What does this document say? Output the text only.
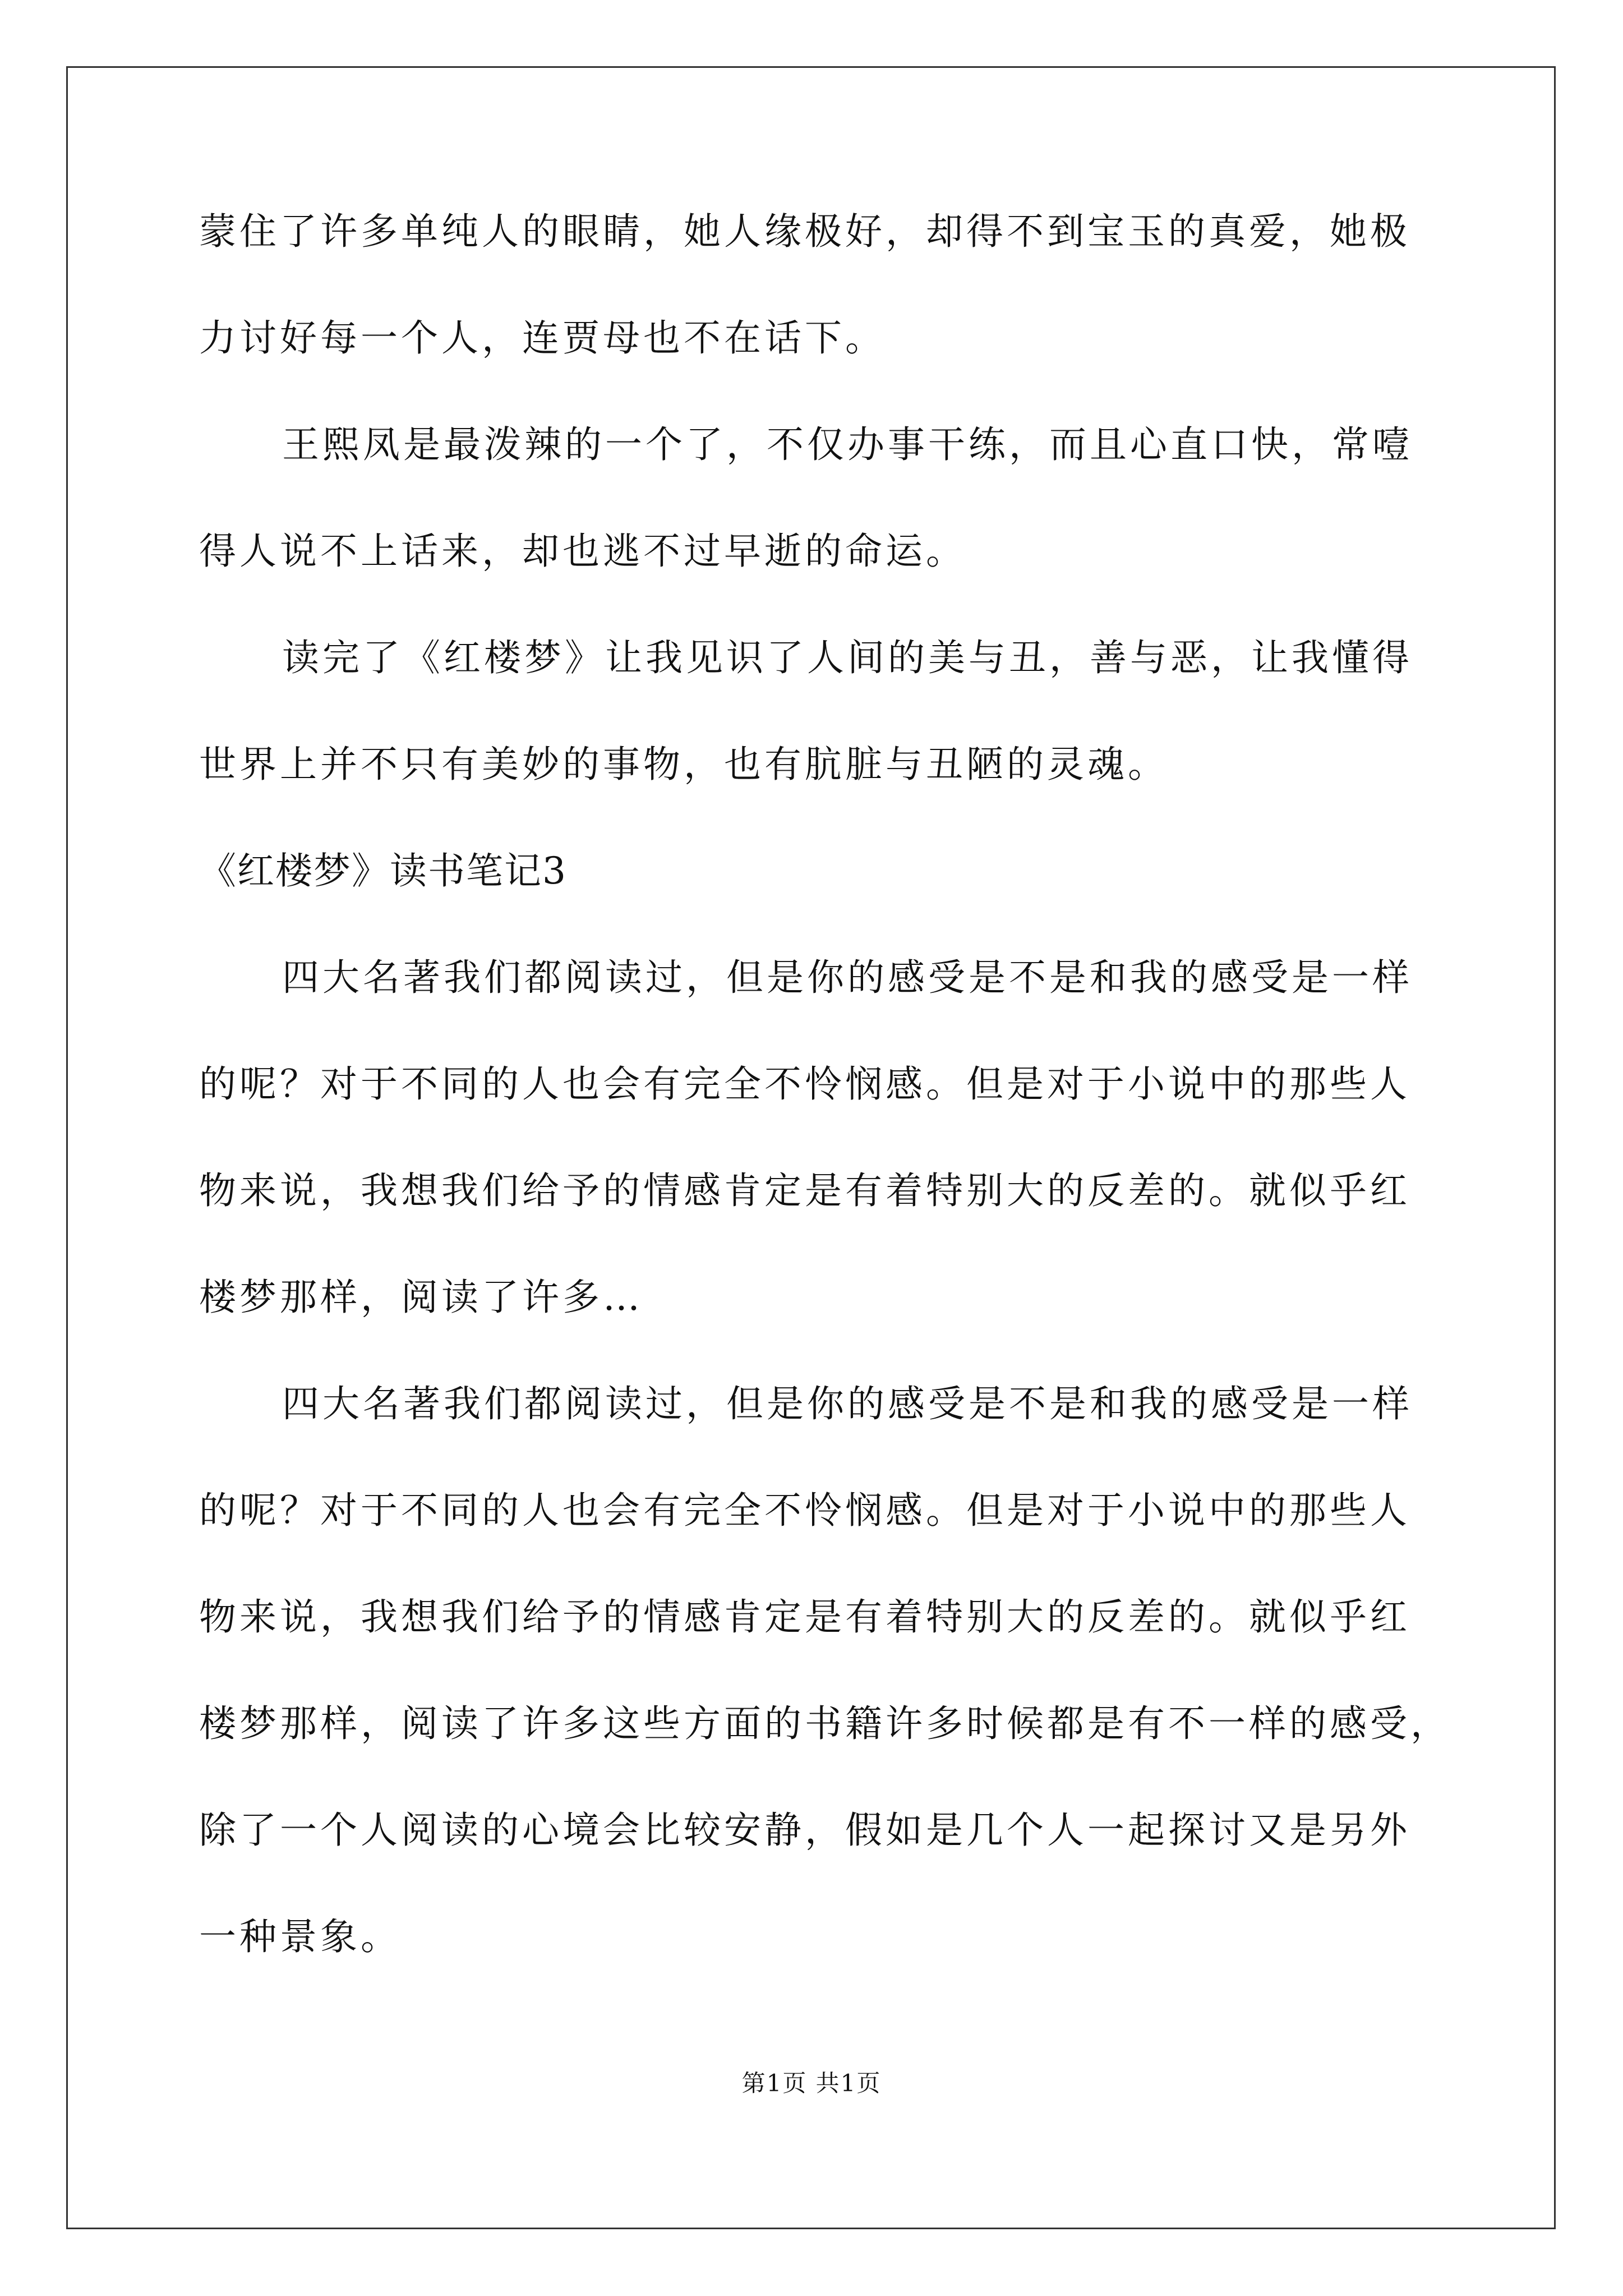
蒙住了许多单纯人的眼睛，她人缘极好，却得不到宝玉的真爱，她极
力讨好每一个人，连贾母也不在话下。
王熙凤是最泼辣的一个了，不仅办事干练，而且心直口快，常噎
得人说不上话来，却也逃不过早逝的命运。
读完了《红楼梦》让我见识了人间的美与丑，善与恶，让我懂得
世界上并不只有美妙的事物，也有肮脏与丑陋的灵魂。
《红楼梦》读书笔记3
四大名著我们都阅读过，但是你的感受是不是和我的感受是一样
的呢？对于不同的人也会有完全不怜悯感。但是对于小说中的那些人
物来说，我想我们给予的情感肯定是有着特别大的反差的。就似乎红
楼梦那样，阅读了许多…
四大名著我们都阅读过，但是你的感受是不是和我的感受是一样
的呢？对于不同的人也会有完全不怜悯感。但是对于小说中的那些人
物来说，我想我们给予的情感肯定是有着特别大的反差的。就似乎红
楼梦那样，阅读了许多这些方面的书籍许多时候都是有不一样的感受，
除了一个人阅读的心境会比较安静，假如是几个人一起探讨又是另外
一种景象。
第1页 共1页
